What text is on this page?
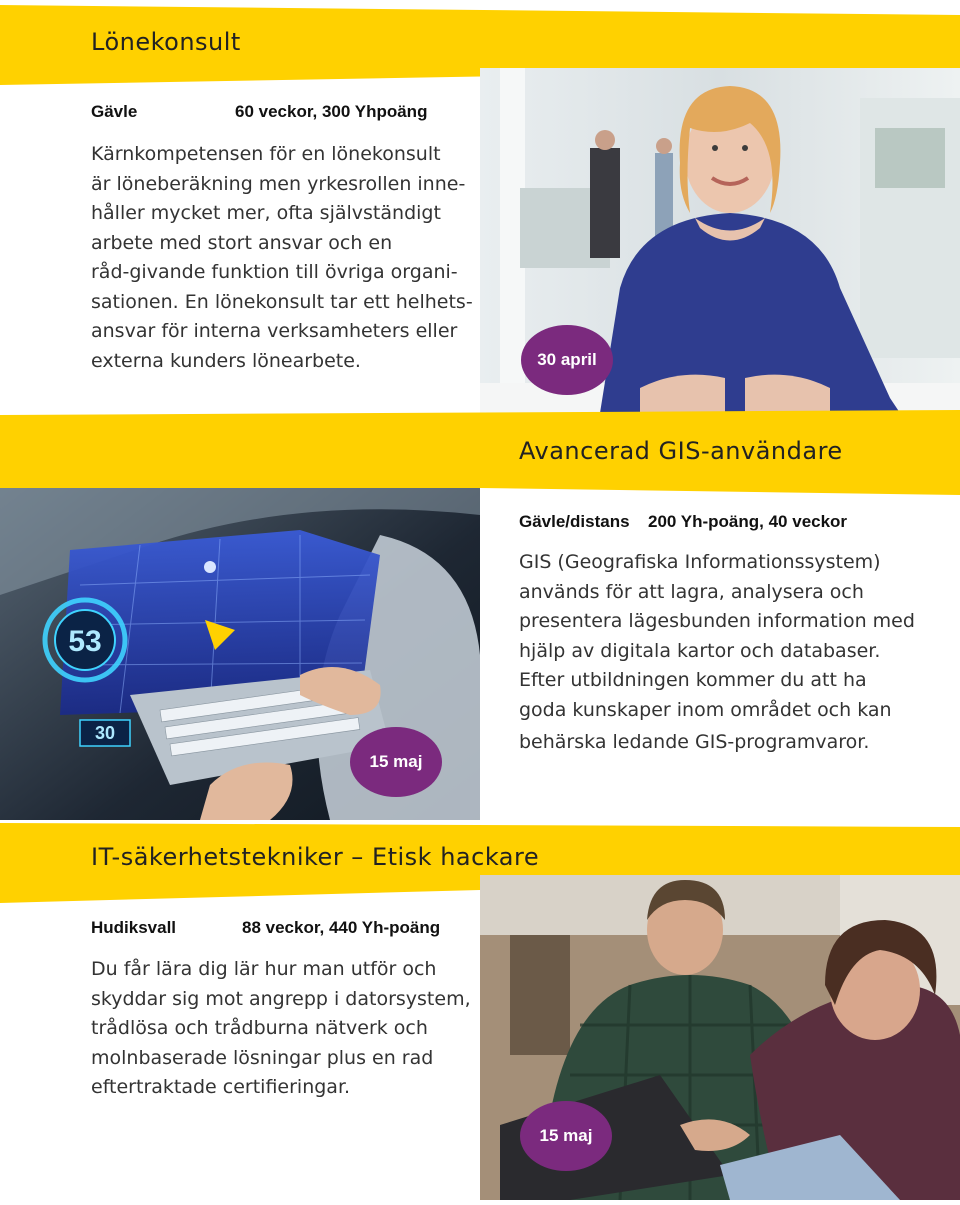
Lönekonsult
Gävle	60 veckor, 300 Yhpoäng

Kärnkompetensen för en lönekonsult
är löneberäkning men yrkesrollen inne-
håller mycket mer, ofta självständigt
arbete med stort ansvar och en
råd-givande funktion till övriga organi-
sationen. En lönekonsult tar ett helhets-
ansvar för interna verksamheters eller
externa kunders lönearbete.	30 april
53
30
Avancerad GIS-användare
Gävle/distans 200 Yh-poäng, 40 veckor

GIS (Geografiska Informationssystem)
används för att lagra, analysera och
presentera lägesbunden information med
hjälp av digitala kartor och databaser.
Efter utbildningen kommer du att ha
goda kunskaper inom området och kan
behärska ledande GIS-programvaror.

15 maj
IT-säkerhetstekniker – Etisk hackare
Hudiksvall	88 veckor, 440 Yh-poäng

Du får lära dig lär hur man utför och
skyddar sig mot angrepp i datorsystem,
trådlösa och trådburna nätverk och
molnbaserade lösningar plus en rad
eftertraktade certifieringar.

15 maj
